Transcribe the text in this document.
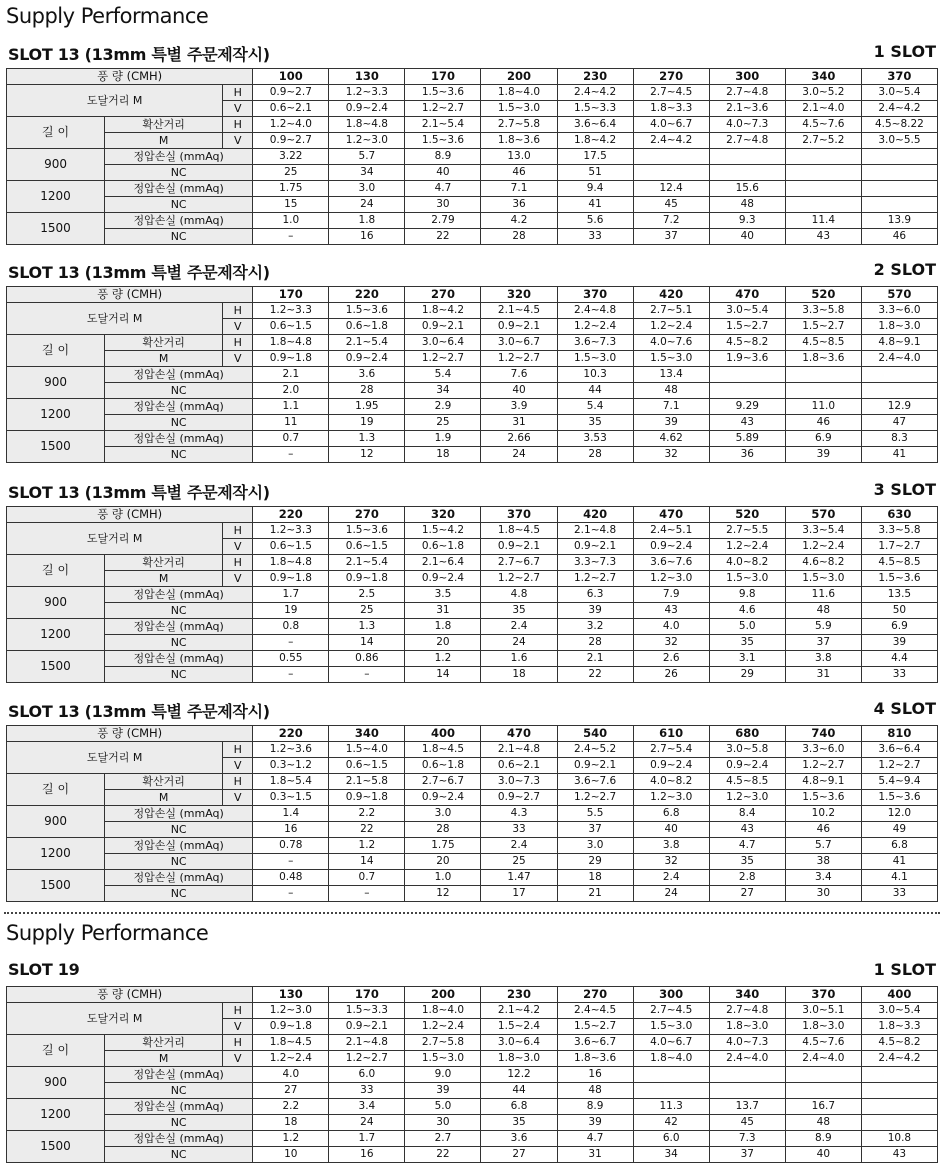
Supply Performance
SLOT 13 (13mm 특별 주문제작시)	1 SLOT
풍 량 (CMH)			100	130	170	200	230	270	300	340	370
도달거리 M		H	0.9~2.7	1.2~3.3	1.5~3.6	1.8~4.0	2.4~4.2	2.7~4.5	2.7~4.8	3.0~5.2	3.0~5.4
		V	0.6~2.1	0.9~2.4	1.2~2.7	1.5~3.0	1.5~3.3	1.8~3.3	2.1~3.6	2.1~4.0	2.4~4.2
길 이	확산거리	H	1.2~4.0	1.8~4.8	2.1~5.4	2.7~5.8	3.6~6.4	4.0~6.7	4.0~7.3	4.5~7.6	4.5~8.22
	M	V	0.9~2.7	1.2~3.0	1.5~3.6	1.8~3.6	1.8~4.2	2.4~4.2	2.7~4.8	2.7~5.2	3.0~5.5
900	정압손실 (mmAq)		3.22	5.7	8.9	13.0	17.5				
	NC		25	34	40	46	51				
1200	정압손실 (mmAq)		1.75	3.0	4.7	7.1	9.4	12.4	15.6		
	NC		15	24	30	36	41	45	48		
1500	정압손실 (mmAq)		1.0	1.8	2.79	4.2	5.6	7.2	9.3	11.4	13.9
	NC		–	16	22	28	33	37	40	43	46
SLOT 13 (13mm 특별 주문제작시)	2 SLOT
풍 량 (CMH)			170	220	270	320	370	420	470	520	570
도달거리 M		H	1.2~3.3	1.5~3.6	1.8~4.2	2.1~4.5	2.4~4.8	2.7~5.1	3.0~5.4	3.3~5.8	3.3~6.0
		V	0.6~1.5	0.6~1.8	0.9~2.1	0.9~2.1	1.2~2.4	1.2~2.4	1.5~2.7	1.5~2.7	1.8~3.0
길 이	확산거리	H	1.8~4.8	2.1~5.4	3.0~6.4	3.0~6.7	3.6~7.3	4.0~7.6	4.5~8.2	4.5~8.5	4.8~9.1
	M	V	0.9~1.8	0.9~2.4	1.2~2.7	1.2~2.7	1.5~3.0	1.5~3.0	1.9~3.6	1.8~3.6	2.4~4.0
900	정압손실 (mmAq)		2.1	3.6	5.4	7.6	10.3	13.4			
	NC		2.0	28	34	40	44	48			
1200	정압손실 (mmAq)		1.1	1.95	2.9	3.9	5.4	7.1	9.29	11.0	12.9
	NC		11	19	25	31	35	39	43	46	47
1500	정압손실 (mmAq)		0.7	1.3	1.9	2.66	3.53	4.62	5.89	6.9	8.3
	NC		–	12	18	24	28	32	36	39	41
SLOT 13 (13mm 특별 주문제작시)	3 SLOT
풍 량 (CMH)			220	270	320	370	420	470	520	570	630
도달거리 M		H	1.2~3.3	1.5~3.6	1.5~4.2	1.8~4.5	2.1~4.8	2.4~5.1	2.7~5.5	3.3~5.4	3.3~5.8
		V	0.6~1.5	0.6~1.5	0.6~1.8	0.9~2.1	0.9~2.1	0.9~2.4	1.2~2.4	1.2~2.4	1.7~2.7
길 이	확산거리	H	1.8~4.8	2.1~5.4	2.1~6.4	2.7~6.7	3.3~7.3	3.6~7.6	4.0~8.2	4.6~8.2	4.5~8.5
	M	V	0.9~1.8	0.9~1.8	0.9~2.4	1.2~2.7	1.2~2.7	1.2~3.0	1.5~3.0	1.5~3.0	1.5~3.6
900	정압손실 (mmAq)		1.7	2.5	3.5	4.8	6.3	7.9	9.8	11.6	13.5
	NC		19	25	31	35	39	43	4.6	48	50
1200	정압손실 (mmAq)		0.8	1.3	1.8	2.4	3.2	4.0	5.0	5.9	6.9
	NC		–	14	20	24	28	32	35	37	39
1500	정압손실 (mmAq)		0.55	0.86	1.2	1.6	2.1	2.6	3.1	3.8	4.4
	NC		–	–	14	18	22	26	29	31	33
SLOT 13 (13mm 특별 주문제작시)	4 SLOT
풍 량 (CMH)			220	340	400	470	540	610	680	740	810
도달거리 M		H	1.2~3.6	1.5~4.0	1.8~4.5	2.1~4.8	2.4~5.2	2.7~5.4	3.0~5.8	3.3~6.0	3.6~6.4
		V	0.3~1.2	0.6~1.5	0.6~1.8	0.6~2.1	0.9~2.1	0.9~2.4	0.9~2.4	1.2~2.7	1.2~2.7
길 이	확산거리	H	1.8~5.4	2.1~5.8	2.7~6.7	3.0~7.3	3.6~7.6	4.0~8.2	4.5~8.5	4.8~9.1	5.4~9.4
	M	V	0.3~1.5	0.9~1.8	0.9~2.4	0.9~2.7	1.2~2.7	1.2~3.0	1.2~3.0	1.5~3.6	1.5~3.6
900	정압손실 (mmAq)		1.4	2.2	3.0	4.3	5.5	6.8	8.4	10.2	12.0
	NC		16	22	28	33	37	40	43	46	49
1200	정압손실 (mmAq)		0.78	1.2	1.75	2.4	3.0	3.8	4.7	5.7	6.8
	NC		–	14	20	25	29	32	35	38	41
1500	정압손실 (mmAq)		0.48	0.7	1.0	1.47	18	2.4	2.8	3.4	4.1
	NC		–	–	12	17	21	24	27	30	33
Supply Performance
SLOT 19	1 SLOT
풍 량 (CMH)			130	170	200	230	270	300	340	370	400
도달거리 M		H	1.2~3.0	1.5~3.3	1.8~4.0	2.1~4.2	2.4~4.5	2.7~4.5	2.7~4.8	3.0~5.1	3.0~5.4
		V	0.9~1.8	0.9~2.1	1.2~2.4	1.5~2.4	1.5~2.7	1.5~3.0	1.8~3.0	1.8~3.0	1.8~3.3
길 이	확산거리	H	1.8~4.5	2.1~4.8	2.7~5.8	3.0~6.4	3.6~6.7	4.0~6.7	4.0~7.3	4.5~7.6	4.5~8.2
	M	V	1.2~2.4	1.2~2.7	1.5~3.0	1.8~3.0	1.8~3.6	1.8~4.0	2.4~4.0	2.4~4.0	2.4~4.2
900	정압손실 (mmAq)		4.0	6.0	9.0	12.2	16				
	NC		27	33	39	44	48				
1200	정압손실 (mmAq)		2.2	3.4	5.0	6.8	8.9	11.3	13.7	16.7	
	NC		18	24	30	35	39	42	45	48	
1500	정압손실 (mmAq)		1.2	1.7	2.7	3.6	4.7	6.0	7.3	8.9	10.8
	NC		10	16	22	27	31	34	37	40	43
